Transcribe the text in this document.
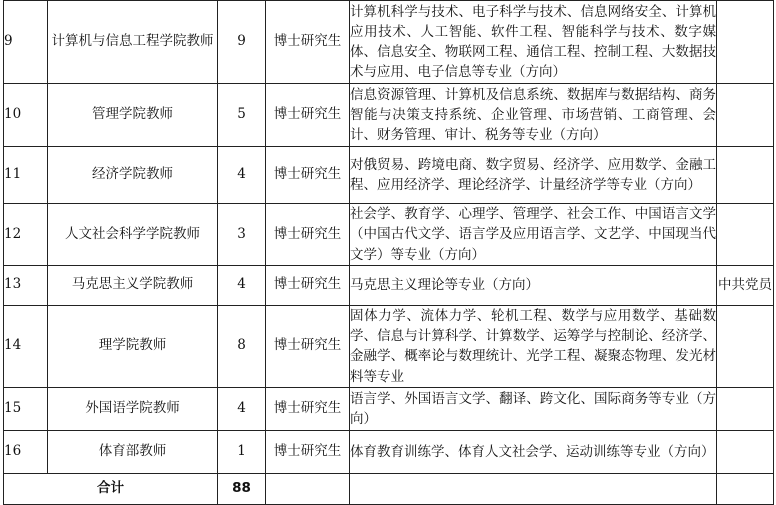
9	计算机与信息工程学院教师	9	博士研究生	计算机科学与技术、电子科学与技术、信息网络安全、计算机应用技术、人工智能、软件工程、智能科学与技术、数字媒体、信息安全、物联网工程、通信工程、控制工程、大数据技术与应用、电子信息等专业（方向）	
10	管理学院教师	5	博士研究生	信息资源管理、计算机及信息系统、数据库与数据结构、商务智能与决策支持系统、企业管理、市场营销、工商管理、会计、财务管理、审计、税务等专业（方向）	
11	经济学院教师	4	博士研究生	对俄贸易、跨境电商、数字贸易、经济学、应用数学、金融工程、应用经济学、理论经济学、计量经济学等专业（方向）	
12	人文社会科学学院教师	3	博士研究生	社会学、教育学、心理学、管理学、社会工作、中国语言文学（中国古代文学、语言学及应用语言学、文艺学、中国现当代文学）等专业（方向）	
13	马克思主义学院教师	4	博士研究生	马克思主义理论等专业（方向）	中共党员
14	理学院教师	8	博士研究生	固体力学、流体力学、轮机工程、数学与应用数学、基础数学、信息与计算科学、计算数学、运筹学与控制论、经济学、金融学、概率论与数理统计、光学工程、凝聚态物理、发光材料等专业	
15	外国语学院教师	4	博士研究生	语言学、外国语言文学、翻译、跨文化、国际商务等专业（方向）	
16	体育部教师	1	博士研究生	体育教育训练学、体育人文社会学、运动训练等专业（方向）	
合计		88			
